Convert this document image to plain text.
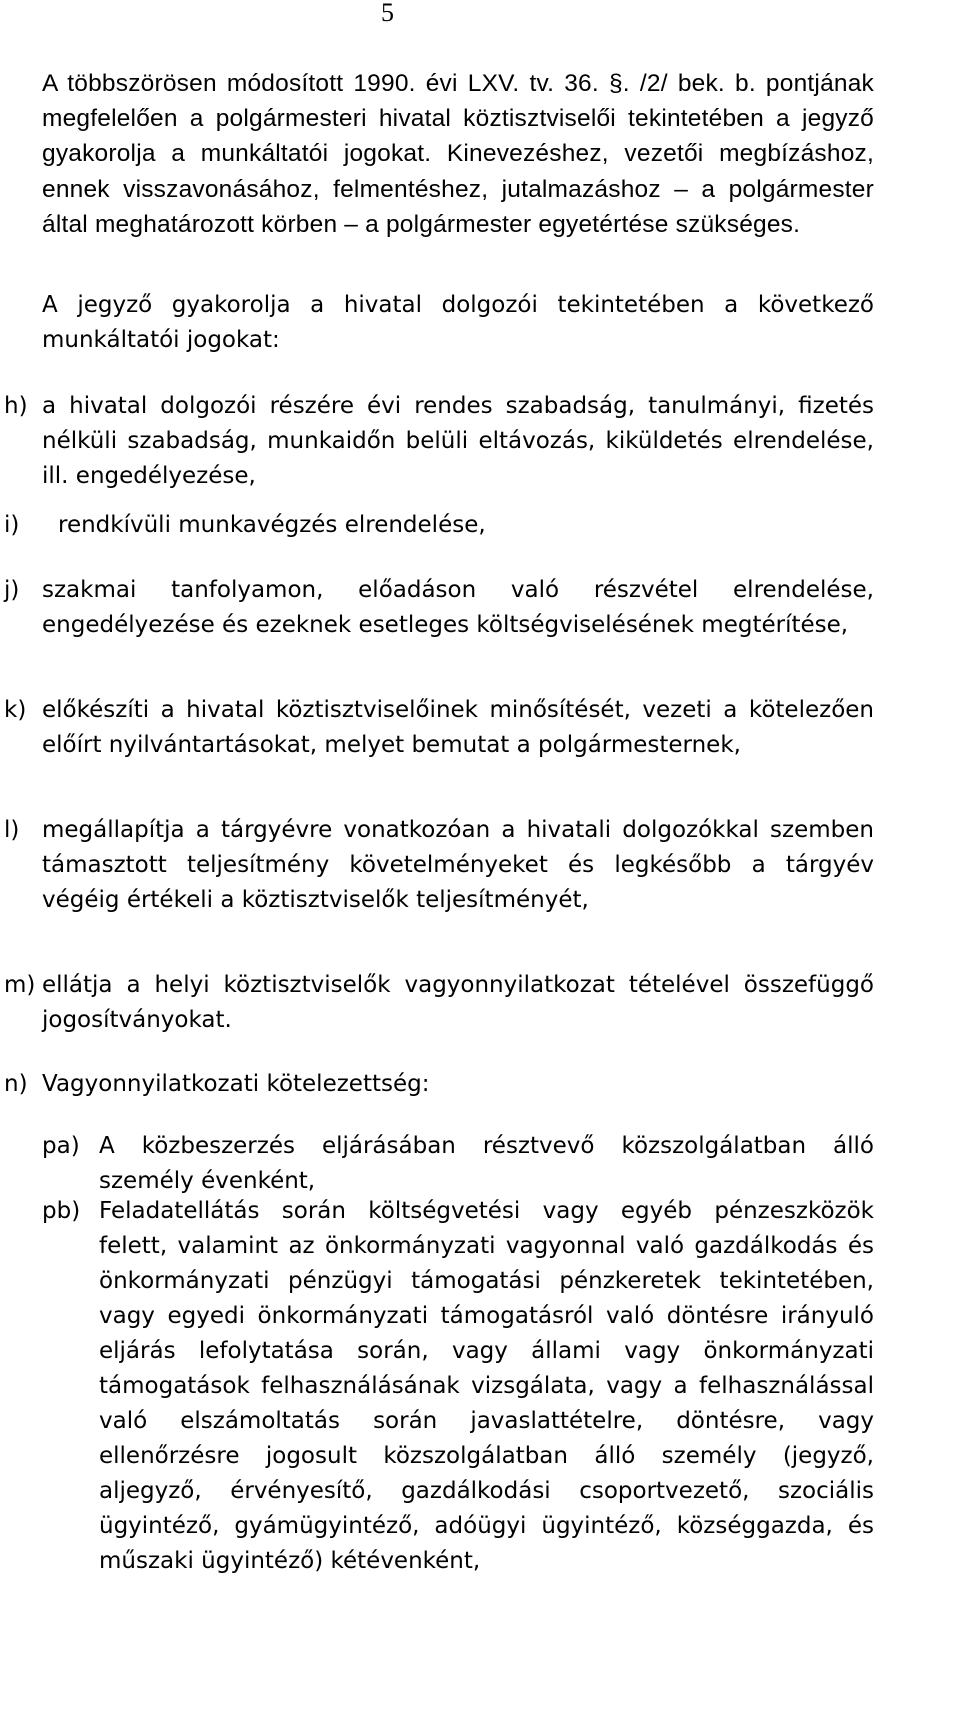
5
A többszörösen módosított 1990. évi LXV. tv. 36. §. /2/ bek. b. pontjának megfelelően a polgármesteri hivatal köztisztviselői tekintetében a jegyző gyakorolja a munkáltatói jogokat. Kinevezéshez, vezetői megbízáshoz, ennek visszavonásához, felmentéshez, jutalmazáshoz – a polgármester által meghatározott körben – a polgármester egyetértése szükséges.
A jegyző gyakorolja a hivatal dolgozói tekintetében a következő munkáltatói jogokat:
h) a hivatal dolgozói részére évi rendes szabadság, tanulmányi, fizetés nélküli szabadság, munkaidőn belüli eltávozás, kiküldetés elrendelése, ill. engedélyezése,
i) rendkívüli munkavégzés elrendelése,
j) szakmai tanfolyamon, előadáson való részvétel elrendelése, engedélyezése és ezeknek esetleges költségviselésének megtérítése,
k) előkészíti a hivatal köztisztviselőinek minősítését, vezeti a kötelezően előírt nyilvántartásokat, melyet bemutat a polgármesternek,
l) megállapítja a tárgyévre vonatkozóan a hivatali dolgozókkal szemben támasztott teljesítmény követelményeket és legkésőbb a tárgyév végéig értékeli a köztisztviselők teljesítményét,
m) ellátja a helyi köztisztviselők vagyonnyilatkozat tételével összefüggő jogosítványokat.
n) Vagyonnyilatkozati kötelezettség:
pa) A közbeszerzés eljárásában résztvevő közszolgálatban álló személy évenként,
pb) Feladatellátás során költségvetési vagy egyéb pénzeszközök felett, valamint az önkormányzati vagyonnal való gazdálkodás és önkormányzati pénzügyi támogatási pénzkeretek tekintetében, vagy egyedi önkormányzati támogatásról való döntésre irányuló eljárás lefolytatása során, vagy állami vagy önkormányzati támogatások felhasználásának vizsgálata, vagy a felhasználással való elszámoltatás során javaslattételre, döntésre, vagy ellenőrzésre jogosult közszolgálatban álló személy (jegyző, aljegyző, érvényesítő, gazdálkodási csoportvezető, szociális ügyintéző, gyámügyintéző, adóügyi ügyintéző, községgazda, és műszaki ügyintéző) kétévenként,
